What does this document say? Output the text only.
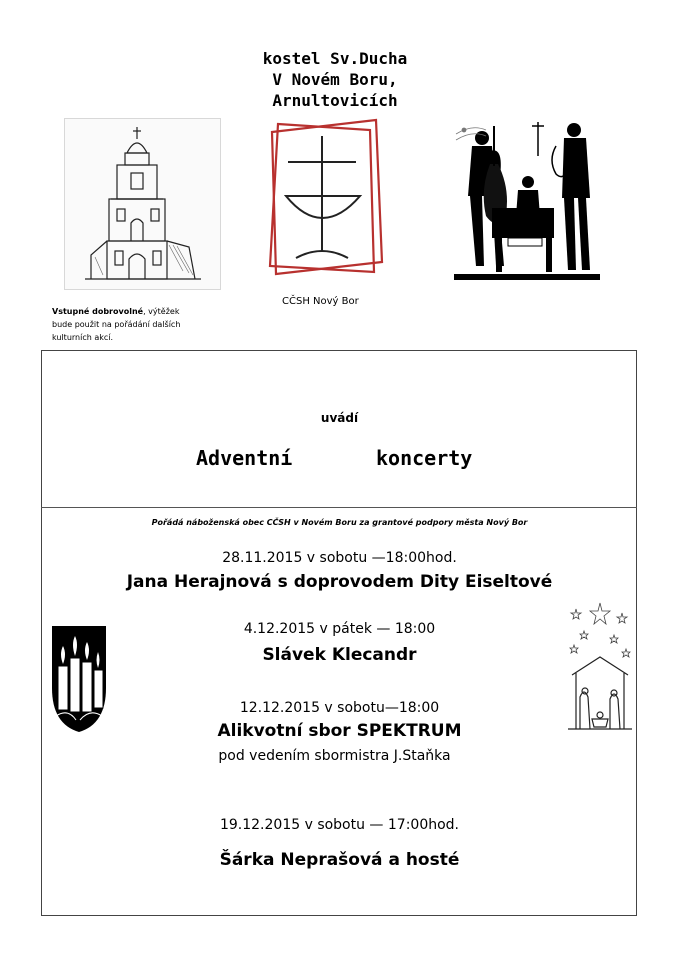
kostel Sv.Ducha
V Novém Boru,
Arnultovicích
CČSH Nový Bor
Vstupné dobrovolné, výtěžek
bude použit na pořádání dalších
kulturních akcí.
uvádí
Adventní	koncerty
Pořádá náboženská obec CČSH v Novém Boru za grantové podpory města Nový Bor
28.11.2015 v sobotu —18:00hod.
Jana Herajnová s doprovodem Dity Eiseltové
4.12.2015 v pátek — 18:00
Slávek Klecandr
12.12.2015 v sobotu—18:00
Alikvotní sbor SPEKTRUM
pod vedením sbormistra J.Staňka
19.12.2015 v sobotu — 17:00hod.
Šárka Neprašová a hosté
